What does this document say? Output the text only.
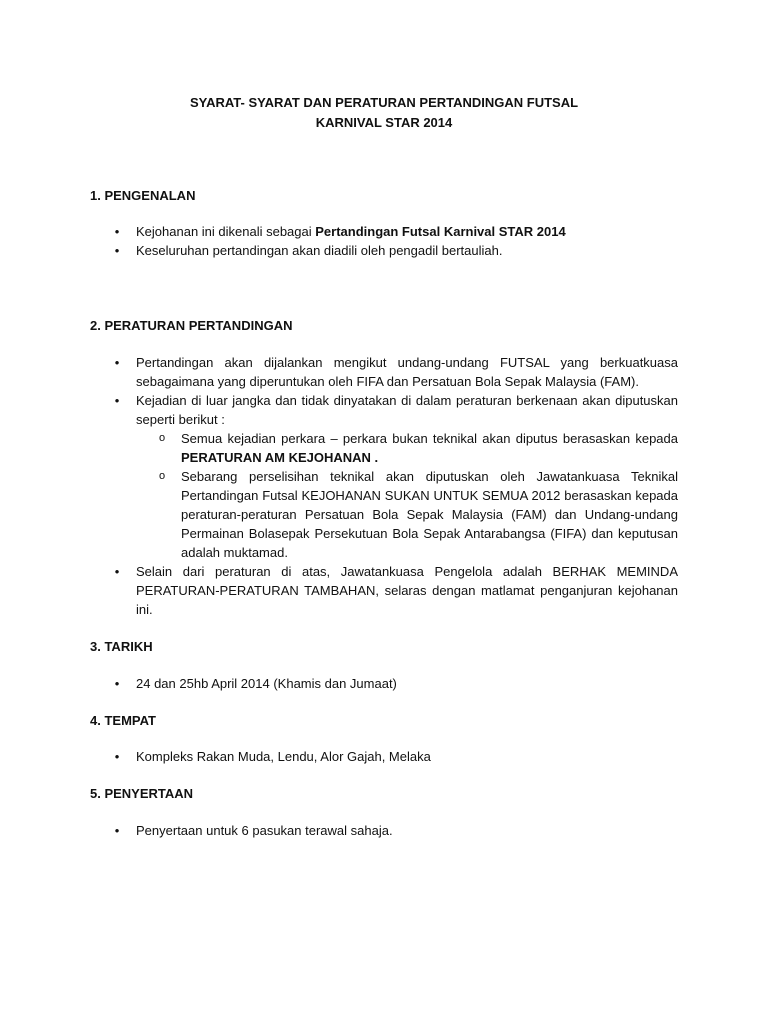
SYARAT- SYARAT DAN PERATURAN PERTANDINGAN FUTSAL
KARNIVAL STAR 2014
1. PENGENALAN
•	Kejohanan ini dikenali sebagai Pertandingan Futsal Karnival STAR 2014
•	Keseluruhan pertandingan akan diadili oleh pengadil bertauliah.
2. PERATURAN PERTANDINGAN
•	Pertandingan akan dijalankan mengikut undang-undang FUTSAL yang berkuatkuasa sebagaimana yang diperuntukan oleh FIFA dan Persatuan Bola Sepak Malaysia (FAM).
•	Kejadian di luar jangka dan tidak dinyatakan di dalam peraturan berkenaan akan diputuskan seperti berikut :
o	Semua kejadian perkara – perkara bukan teknikal akan diputus berasaskan kepada PERATURAN AM KEJOHANAN .
o	Sebarang perselisihan teknikal akan diputuskan oleh Jawatankuasa Teknikal Pertandingan Futsal KEJOHANAN SUKAN UNTUK SEMUA 2012 berasaskan kepada peraturan-peraturan Persatuan Bola Sepak Malaysia (FAM) dan Undang-undang Permainan Bolasepak Persekutuan Bola Sepak Antarabangsa (FIFA) dan keputusan adalah muktamad.
•	Selain dari peraturan di atas, Jawatankuasa Pengelola adalah BERHAK MEMINDA PERATURAN-PERATURAN TAMBAHAN, selaras dengan matlamat penganjuran kejohanan ini.
3. TARIKH
•	24 dan 25hb April 2014 (Khamis dan Jumaat)
4. TEMPAT
•	Kompleks Rakan Muda, Lendu, Alor Gajah, Melaka
5. PENYERTAAN
•	Penyertaan untuk 6 pasukan terawal sahaja.
